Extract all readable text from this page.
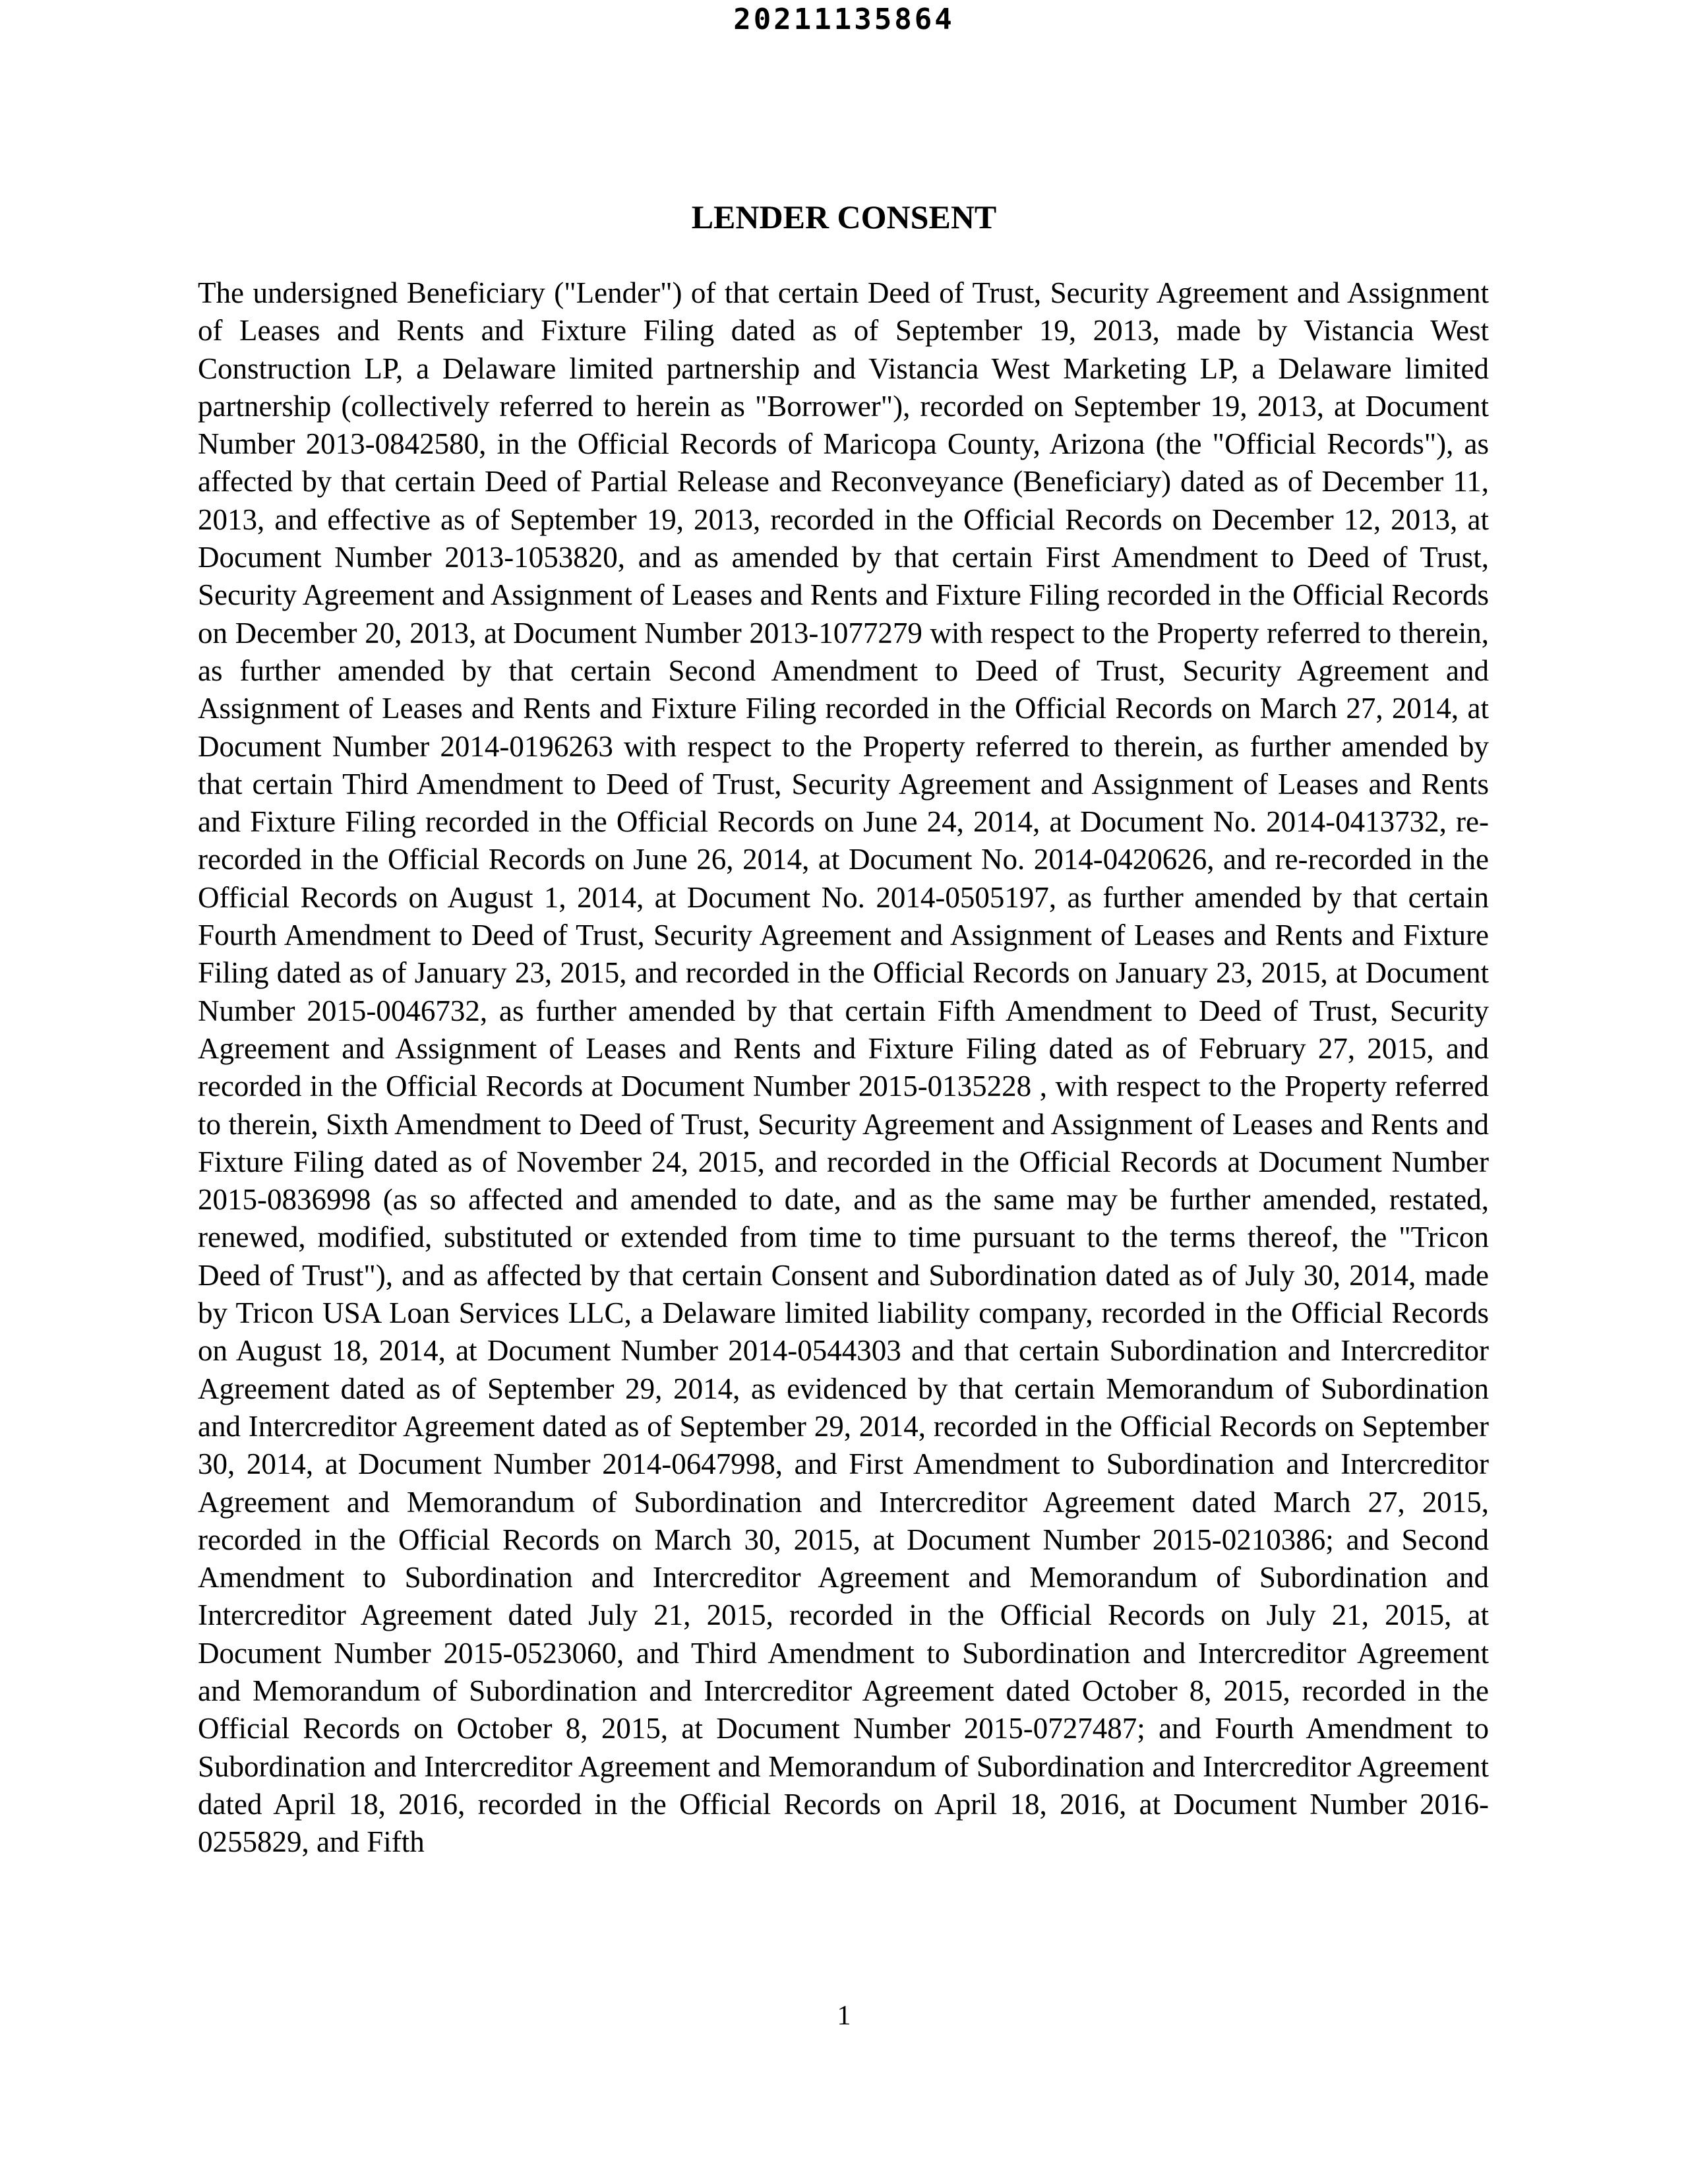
20211135864
LENDER CONSENT

The undersigned Beneficiary ("Lender") of that certain Deed of Trust, Security Agreement and Assignment of Leases and Rents and Fixture Filing dated as of September 19, 2013, made by Vistancia West Construction LP, a Delaware limited partnership and Vistancia West Marketing LP, a Delaware limited partnership (collectively referred to herein as "Borrower"), recorded on September 19, 2013, at Document Number 2013-0842580, in the Official Records of Maricopa County, Arizona (the "Official Records"), as affected by that certain Deed of Partial Release and Reconveyance (Beneficiary) dated as of December 11, 2013, and effective as of September 19, 2013, recorded in the Official Records on December 12, 2013, at Document Number 2013-1053820, and as amended by that certain First Amendment to Deed of Trust, Security Agreement and Assignment of Leases and Rents and Fixture Filing recorded in the Official Records on December 20, 2013, at Document Number 2013-1077279 with respect to the Property referred to therein, as further amended by that certain Second Amendment to Deed of Trust, Security Agreement and Assignment of Leases and Rents and Fixture Filing recorded in the Official Records on March 27, 2014, at Document Number 2014-0196263 with respect to the Property referred to therein, as further amended by that certain Third Amendment to Deed of Trust, Security Agreement and Assignment of Leases and Rents and Fixture Filing recorded in the Official Records on June 24, 2014, at Document No. 2014-0413732, re-recorded in the Official Records on June 26, 2014, at Document No. 2014-0420626, and re-recorded in the Official Records on August 1, 2014, at Document No. 2014-0505197, as further amended by that certain Fourth Amendment to Deed of Trust, Security Agreement and Assignment of Leases and Rents and Fixture Filing dated as of January 23, 2015, and recorded in the Official Records on January 23, 2015, at Document Number 2015-0046732, as further amended by that certain Fifth Amendment to Deed of Trust, Security Agreement and Assignment of Leases and Rents and Fixture Filing dated as of February 27, 2015, and recorded in the Official Records at Document Number 2015-0135228 , with respect to the Property referred to therein, Sixth Amendment to Deed of Trust, Security Agreement and Assignment of Leases and Rents and Fixture Filing dated as of November 24, 2015, and recorded in the Official Records at Document Number 2015-0836998 (as so affected and amended to date, and as the same may be further amended, restated, renewed, modified, substituted or extended from time to time pursuant to the terms thereof, the "Tricon Deed of Trust"), and as affected by that certain Consent and Subordination dated as of July 30, 2014, made by Tricon USA Loan Services LLC, a Delaware limited liability company, recorded in the Official Records on August 18, 2014, at Document Number 2014-0544303 and that certain Subordination and Intercreditor Agreement dated as of September 29, 2014, as evidenced by that certain Memorandum of Subordination and Intercreditor Agreement dated as of September 29, 2014, recorded in the Official Records on September 30, 2014, at Document Number 2014-0647998, and First Amendment to Subordination and Intercreditor Agreement and Memorandum of Subordination and Intercreditor Agreement dated March 27, 2015, recorded in the Official Records on March 30, 2015, at Document Number 2015-0210386; and Second Amendment to Subordination and Intercreditor Agreement and Memorandum of Subordination and Intercreditor Agreement dated July 21, 2015, recorded in the Official Records on July 21, 2015, at Document Number 2015-0523060, and Third Amendment to Subordination and Intercreditor Agreement and Memorandum of Subordination and Intercreditor Agreement dated October 8, 2015, recorded in the Official Records on October 8, 2015, at Document Number 2015-0727487; and Fourth Amendment to Subordination and Intercreditor Agreement and Memorandum of Subordination and Intercreditor Agreement dated April 18, 2016, recorded in the Official Records on April 18, 2016, at Document Number 2016-0255829, and Fifth

1
